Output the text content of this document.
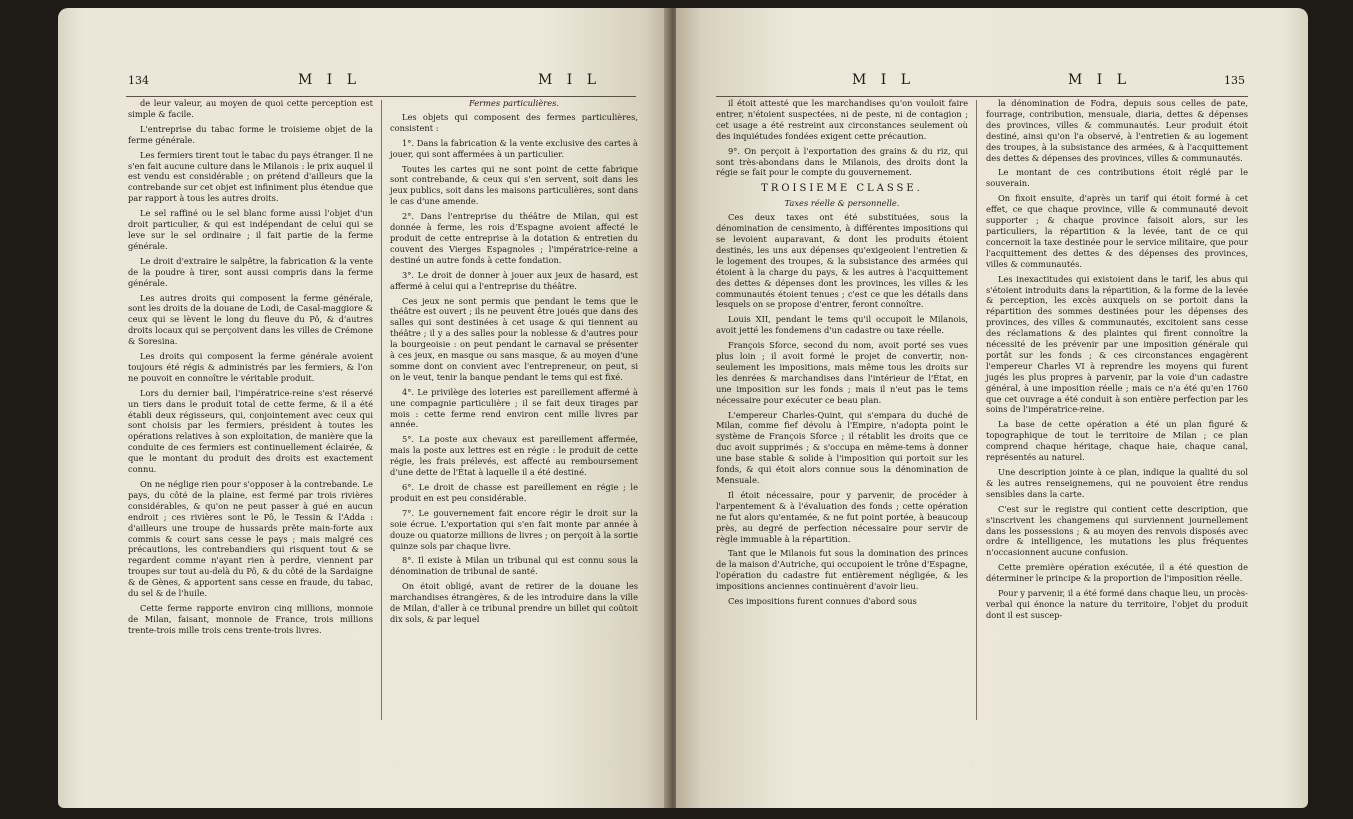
134	M I L	M I L

de leur valeur, au moyen de quoi cette perception est simple & facile.

L'entreprise du tabac forme le troisieme objet de la ferme générale.

Les fermiers tirent tout le tabac du pays étranger. Il ne s'en fait aucune culture dans le Milanois : le prix auquel il est vendu est considérable ; on prétend d'ailleurs que la contrebande sur cet objet est infiniment plus étendue que par rapport à tous les autres droits.

Le sel raffiné ou le sel blanc forme aussi l'objet d'un droit particulier, & qui est indépendant de celui qui se leve sur le sel ordinaire ; il fait partie de la ferme générale.

Le droit d'extraire le salpêtre, la fabrication & la vente de la poudre à tirer, sont aussi compris dans la ferme générale.

Les autres droits qui composent la ferme générale, sont les droits de la douane de Lodi, de Casal-maggiore & ceux qui se lèvent le long du fleuve du Pô, & d'autres droits locaux qui se perçoivent dans les villes de Crémone & Soresina.

Les droits qui composent la ferme générale avoient toujours été régis & administrés par les fermiers, & l'on ne pouvoit en connoître le véritable produit.

Lors du dernier bail, l'impératrice-reine s'est réservé un tiers dans le produit total de cette ferme, & il a été établi deux régisseurs, qui, conjointement avec ceux qui sont choisis par les fermiers, président à toutes les opérations relatives à son exploitation, de manière que la conduite de ces fermiers est continuellement éclairée, & que le montant du produit des droits est exactement connu.

On ne néglige rien pour s'opposer à la contrebande. Le pays, du côté de la plaine, est fermé par trois rivières considérables, & qu'on ne peut passer à gué en aucun endroit ; ces rivières sont le Pô, le Tessin & l'Adda : d'ailleurs une troupe de hussards prête main-forte aux commis & court sans cesse le pays ; mais malgré ces précautions, les contrebandiers qui risquent tout & se regardent comme n'ayant rien à perdre, viennent par troupes sur tout au-delà du Pô, & du côté de la Sardaigne & de Gènes, & apportent sans cesse en fraude, du tabac, du sel & de l'huile.

Cette ferme rapporte environ cinq millions, monnoie de Milan, faisant, monnoie de France, trois millions trente-trois mille trois cens trente-trois livres.

Fermes particulières.

Les objets qui composent des fermes particulières, consistent :

1°. Dans la fabrication & la vente exclusive des cartes à jouer, qui sont affermées à un particulier.

Toutes les cartes qui ne sont point de cette fabrique sont contrebande, & ceux qui s'en servent, soit dans les jeux publics, soit dans les maisons particulières, sont dans le cas d'une amende.

2°. Dans l'entreprise du théâtre de Milan, qui est donnée à ferme, les rois d'Espagne avoient affecté le produit de cette entreprise à la dotation & entretien du couvent des Vierges Espagnoles ; l'impératrice-reine a destiné un autre fonds à cette fondation.

3°. Le droit de donner à jouer aux jeux de hasard, est affermé à celui qui a l'entreprise du théâtre.

Ces jeux ne sont permis que pendant le tems que le théâtre est ouvert ; ils ne peuvent être joués que dans des salles qui sont destinées à cet usage & qui tiennent au théâtre ; il y a des salles pour la noblesse & d'autres pour la bourgeoisie : on peut pendant le carnaval se présenter à ces jeux, en masque ou sans masque, & au moyen d'une somme dont on convient avec l'entrepreneur, on peut, si on le veut, tenir la banque pendant le tems qui est fixé.

4°. Le privilège des loteries est pareillement affermé à une compagnie particulière ; il se fait deux tirages par mois : cette ferme rend environ cent mille livres par année.

5°. La poste aux chevaux est pareillement affermée, mais la poste aux lettres est en régie : le produit de cette régie, les frais prélevés, est affecté au remboursement d'une dette de l'État à laquelle il a été destiné.

6°. Le droit de chasse est pareillement en régie ; le produit en est peu considérable.

7°. Le gouvernement fait encore régir le droit sur la soie écrue. L'exportation qui s'en fait monte par année à douze ou quatorze millions de livres ; on perçoit à la sortie quinze sols par chaque livre.

8°. Il existe à Milan un tribunal qui est connu sous la dénomination de tribunal de santé.

On étoit obligé, avant de retirer de la douane les marchandises étrangères, & de les introduire dans la ville de Milan, d'aller à ce tribunal prendre un billet qui coûtoit dix sols, & par lequel

M I L	M I L	135

il étoit attesté que les marchandises qu'on vouloit faire entrer, n'étoient suspectées, ni de peste, ni de contagion ; cet usage a été restreint aux circonstances seulement où des inquiétudes fondées exigent cette précaution.

9°. On perçoit à l'exportation des grains & du riz, qui sont très-abondans dans le Milanois, des droits dont la régie se fait pour le compte du gouvernement.

TROISIEME CLASSE.

Taxes réelle & personnelle.

Ces deux taxes ont été substituées, sous la dénomination de censimento, à différentes impositions qui se levoient auparavant, & dont les produits étoient destinés, les uns aux dépenses qu'exigeoient l'entretien & le logement des troupes, & la subsistance des armées qui étoient à la charge du pays, & les autres à l'acquittement des dettes & dépenses dont les provinces, les villes & les communautés étoient tenues ; c'est ce que les détails dans lesquels on se propose d'entrer, feront connoître.

Louis XII, pendant le tems qu'il occupoit le Milanois, avoit jetté les fondemens d'un cadastre ou taxe réelle.

François Sforce, second du nom, avoit porté ses vues plus loin ; il avoit formé le projet de convertir, non-seulement les impositions, mais même tous les droits sur les denrées & marchandises dans l'intérieur de l'État, en une imposition sur les fonds ; mais il n'eut pas le tems nécessaire pour exécuter ce beau plan.

L'empereur Charles-Quint, qui s'empara du duché de Milan, comme fief dévolu à l'Empire, n'adopta point le système de François Sforce ; il rétablit les droits que ce duc avoit supprimés ; & s'occupa en même-tems à donner une base stable & solide à l'imposition qui portoit sur les fonds, & qui étoit alors connue sous la dénomination de Mensuale.

Il étoit nécessaire, pour y parvenir, de procéder à l'arpentement & à l'évaluation des fonds ; cette opération ne fut alors qu'entamée, & ne fut point portée, à beaucoup près, au degré de perfection nécessaire pour servir de règle immuable à la répartition.

Tant que le Milanois fut sous la domination des princes de la maison d'Autriche, qui occupoient le trône d'Espagne, l'opération du cadastre fut entièrement négligée, & les impositions anciennes continuèrent d'avoir lieu.

Ces impositions furent connues d'abord sous

la dénomination de Fodra, depuis sous celles de pate, fourrage, contribution, mensuale, diaria, dettes & dépenses des provinces, villes & communautés. Leur produit étoit destiné, ainsi qu'on l'a observé, à l'entretien & au logement des troupes, à la subsistance des armées, & à l'acquittement des dettes & dépenses des provinces, villes & communautés.

Le montant de ces contributions étoit réglé par le souverain.

On fixoit ensuite, d'après un tarif qui étoit formé à cet effet, ce que chaque province, ville & communauté devoit supporter ; & chaque province faisoit alors, sur les particuliers, la répartition & la levée, tant de ce qui concernoit la taxe destinée pour le service militaire, que pour l'acquittement des dettes & des dépenses des provinces, villes & communautés.

Les inexactitudes qui existoient dans le tarif, les abus qui s'étoient introduits dans la répartition, & la forme de la levée & perception, les excès auxquels on se portoit dans la répartition des sommes destinées pour les dépenses des provinces, des villes & communautés, excitoient sans cesse des réclamations & des plaintes qui firent connoître la nécessité de les prévenir par une imposition générale qui portât sur les fonds ; & ces circonstances engagèrent l'empereur Charles VI à reprendre les moyens qui furent jugés les plus propres à parvenir, par la voie d'un cadastre général, à une imposition réelle ; mais ce n'a été qu'en 1760 que cet ouvrage a été conduit à son entière perfection par les soins de l'impératrice-reine.

La base de cette opération a été un plan figuré & topographique de tout le territoire de Milan ; ce plan comprend chaque héritage, chaque haie, chaque canal, représentés au naturel.

Une description jointe à ce plan, indique la qualité du sol & les autres renseignemens, qui ne pouvoient être rendus sensibles dans la carte.

C'est sur le registre qui contient cette description, que s'inscrivent les changemens qui surviennent journellement dans les possessions ; & au moyen des renvois disposés avec ordre & intelligence, les mutations les plus fréquentes n'occasionnent aucune confusion.

Cette première opération exécutée, il a été question de déterminer le principe & la proportion de l'imposition réelle.

Pour y parvenir, il a été formé dans chaque lieu, un procès-verbal qui énonce la nature du territoire, l'objet du produit dont il est suscep-
